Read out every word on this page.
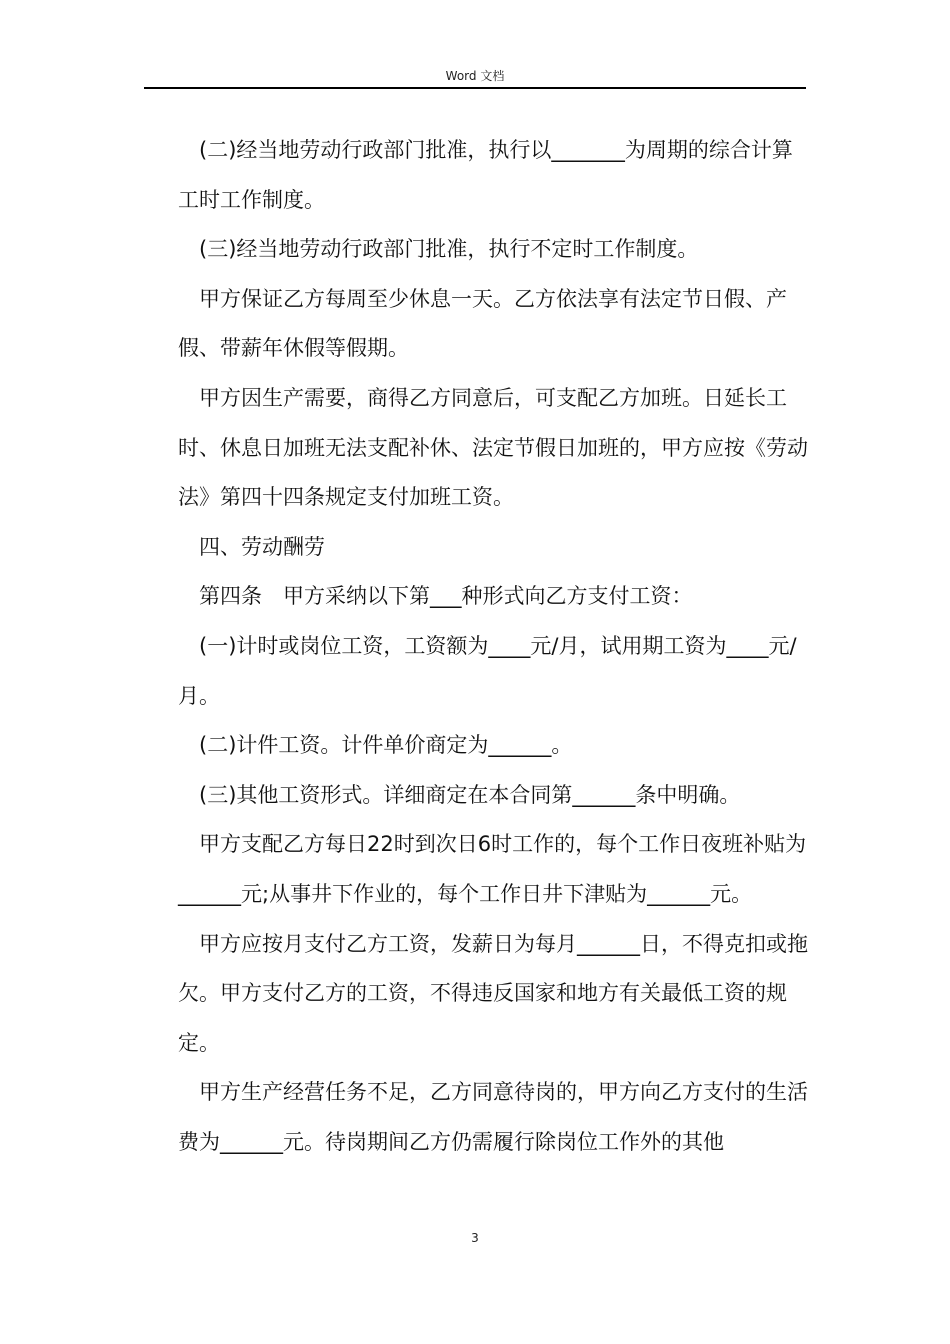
Word 文档

(二)经当地劳动行政部门批准，执行以_______为周期的综合计算工时工作制度。

(三)经当地劳动行政部门批准，执行不定时工作制度。

甲方保证乙方每周至少休息一天。乙方依法享有法定节日假、产假、带薪年休假等假期。

甲方因生产需要，商得乙方同意后，可支配乙方加班。日延长工时、休息日加班无法支配补休、法定节假日加班的，甲方应按《劳动法》第四十四条规定支付加班工资。

四、劳动酬劳

第四条　甲方采纳以下第___种形式向乙方支付工资：

(一)计时或岗位工资，工资额为____元/月，试用期工资为____元/月。

(二)计件工资。计件单价商定为______。

(三)其他工资形式。详细商定在本合同第______条中明确。

甲方支配乙方每日22时到次日6时工作的，每个工作日夜班补贴为______元;从事井下作业的，每个工作日井下津贴为______元。

甲方应按月支付乙方工资，发薪日为每月______日，不得克扣或拖欠。甲方支付乙方的工资，不得违反国家和地方有关最低工资的规定。

甲方生产经营任务不足，乙方同意待岗的，甲方向乙方支付的生活费为______元。待岗期间乙方仍需履行除岗位工作外的其他

3
